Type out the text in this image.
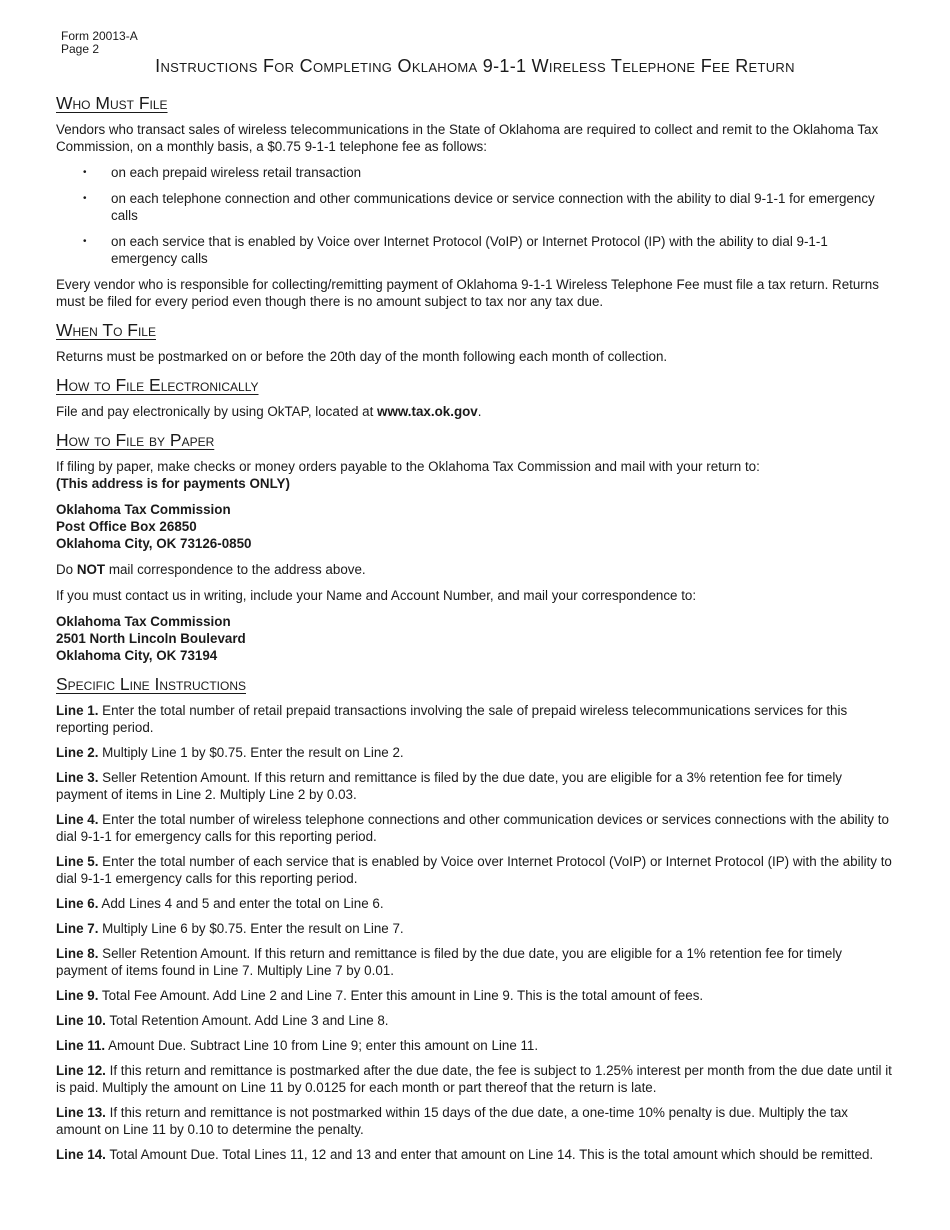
Form 20013-A
Page 2
Instructions For Completing Oklahoma 9-1-1 Wireless Telephone Fee Return
Who Must File

Vendors who transact sales of wireless telecommunications in the State of Oklahoma are required to collect and remit to the Oklahoma Tax Commission, on a monthly basis, a $0.75 9-1-1 telephone fee as follows:

• on each prepaid wireless retail transaction
• on each telephone connection and other communications device or service connection with the ability to dial 9-1-1 for emergency calls
• on each service that is enabled by Voice over Internet Protocol (VoIP) or Internet Protocol (IP) with the ability to dial 9-1-1 emergency calls

Every vendor who is responsible for collecting/remitting payment of Oklahoma 9-1-1 Wireless Telephone Fee must file a tax return. Returns must be filed for every period even though there is no amount subject to tax nor any tax due.

When To File

Returns must be postmarked on or before the 20th day of the month following each month of collection.

How to File Electronically

File and pay electronically by using OkTAP, located at www.tax.ok.gov.

How to File by Paper

If filing by paper, make checks or money orders payable to the Oklahoma Tax Commission and mail with your return to:
(This address is for payments ONLY)

Oklahoma Tax Commission
Post Office Box 26850
Oklahoma City, OK 73126-0850

Do NOT mail correspondence to the address above.

If you must contact us in writing, include your Name and Account Number, and mail your correspondence to:

Oklahoma Tax Commission
2501 North Lincoln Boulevard
Oklahoma City, OK 73194
Specific Line Instructions

Line 1. Enter the total number of retail prepaid transactions involving the sale of prepaid wireless telecommunications services for this reporting period.

Line 2. Multiply Line 1 by $0.75. Enter the result on Line 2.

Line 3. Seller Retention Amount. If this return and remittance is filed by the due date, you are eligible for a 3% retention fee for timely payment of items in Line 2. Multiply Line 2 by 0.03.

Line 4. Enter the total number of wireless telephone connections and other communication devices or services connections with the ability to dial 9-1-1 for emergency calls for this reporting period.

Line 5. Enter the total number of each service that is enabled by Voice over Internet Protocol (VoIP) or Internet Protocol (IP) with the ability to dial 9-1-1 emergency calls for this reporting period.

Line 6. Add Lines 4 and 5 and enter the total on Line 6.

Line 7. Multiply Line 6 by $0.75. Enter the result on Line 7.

Line 8. Seller Retention Amount. If this return and remittance is filed by the due date, you are eligible for a 1% retention fee for timely payment of items found in Line 7. Multiply Line 7 by 0.01.

Line 9. Total Fee Amount. Add Line 2 and Line 7. Enter this amount in Line 9. This is the total amount of fees.

Line 10. Total Retention Amount. Add Line 3 and Line 8.

Line 11. Amount Due. Subtract Line 10 from Line 9; enter this amount on Line 11.

Line 12. If this return and remittance is postmarked after the due date, the fee is subject to 1.25% interest per month from the due date until it is paid. Multiply the amount on Line 11 by 0.0125 for each month or part thereof that the return is late.

Line 13. If this return and remittance is not postmarked within 15 days of the due date, a one-time 10% penalty is due. Multiply the tax amount on Line 11 by 0.10 to determine the penalty.

Line 14. Total Amount Due. Total Lines 11, 12 and 13 and enter that amount on Line 14. This is the total amount which should be remitted.
